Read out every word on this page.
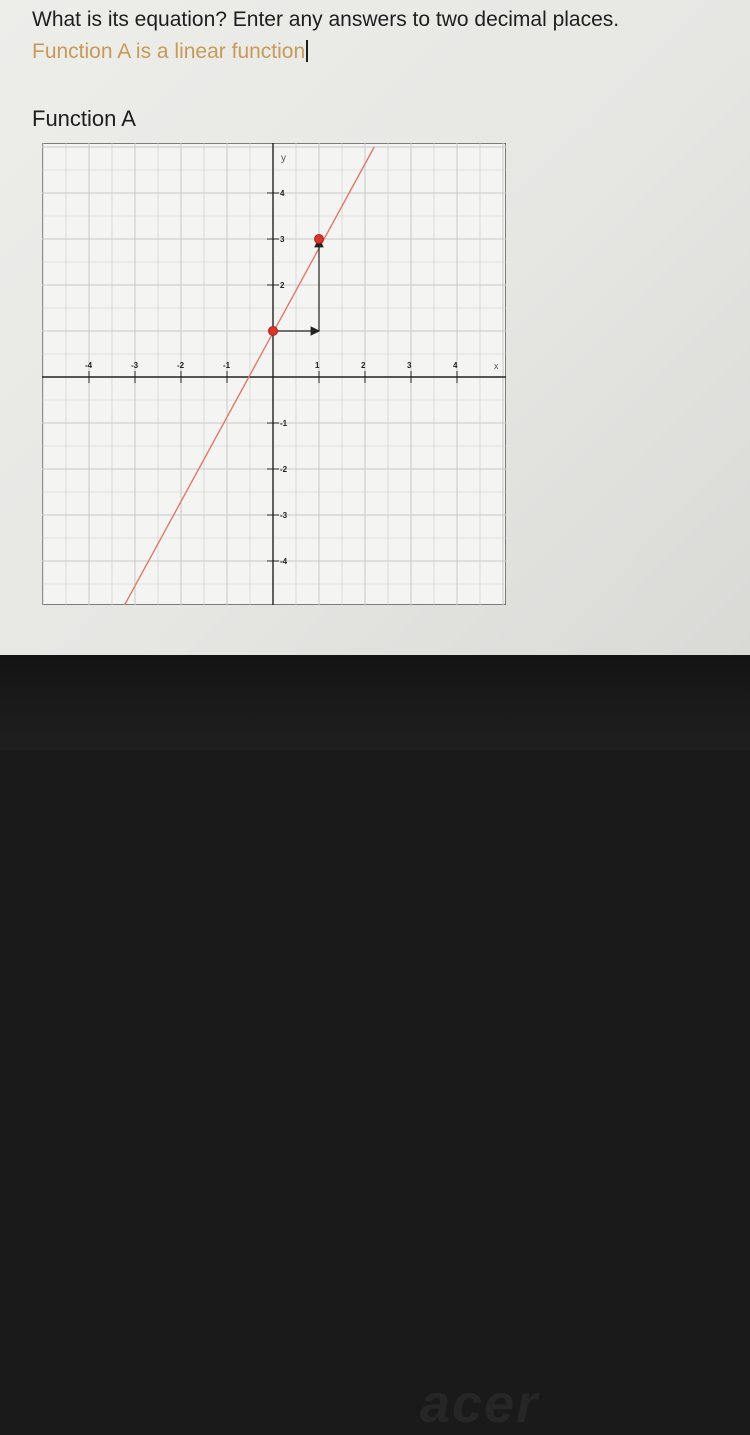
What is its equation? Enter any answers to two decimal places.
Function A is a linear function
Function A
x
y
-4	-3	-2	-1	1	2	3	4
-4
-3
-2
-1
2
3
4
acer
